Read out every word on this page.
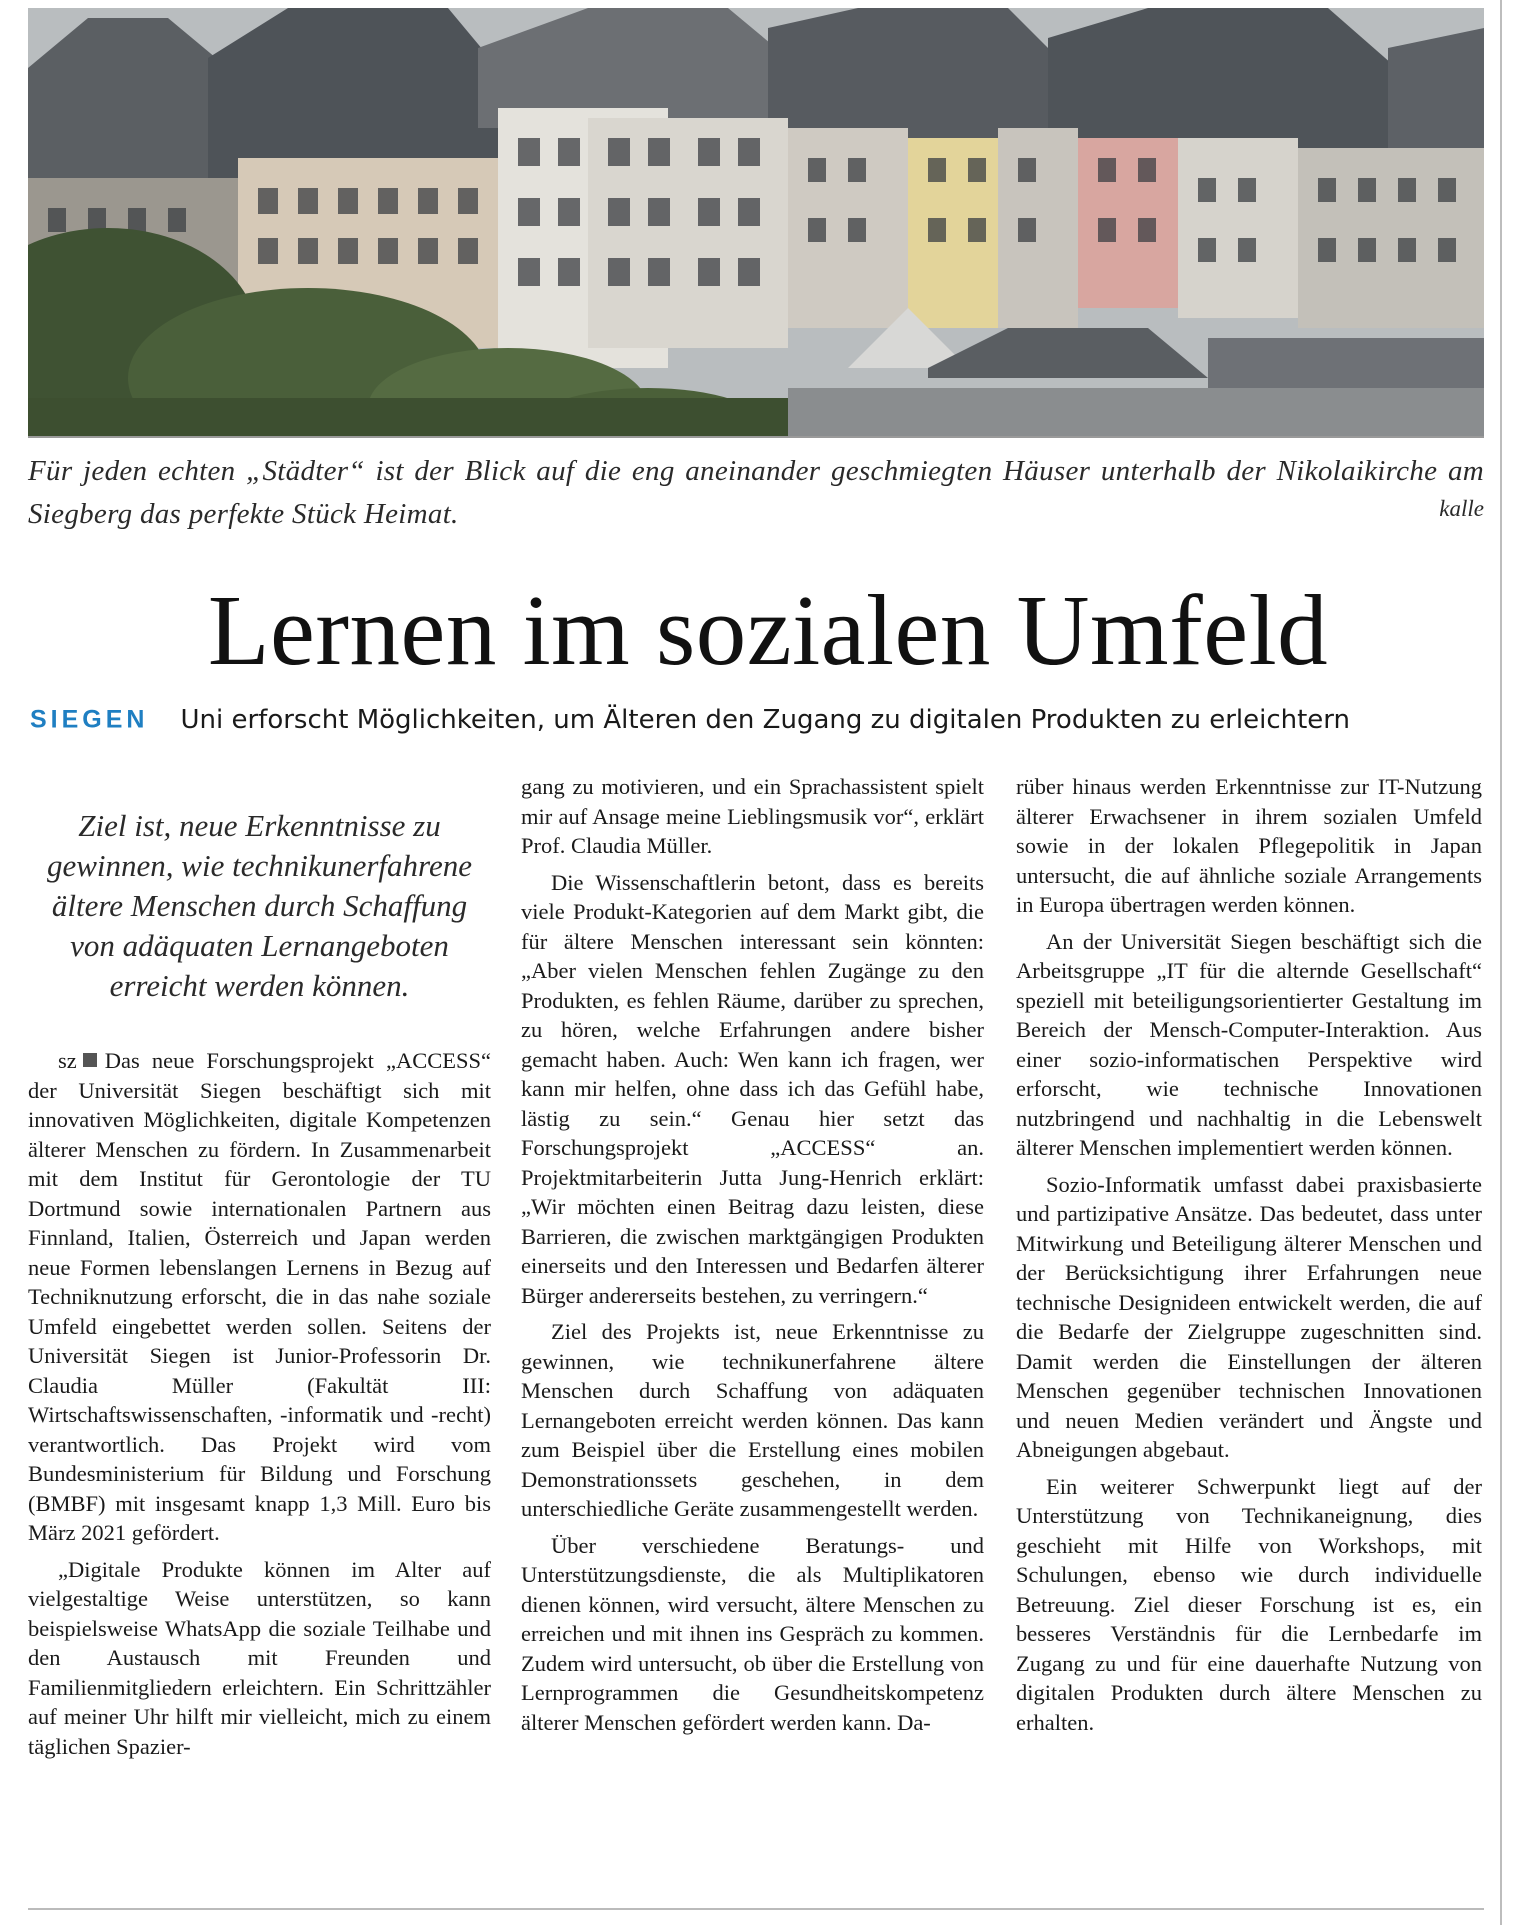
Für jeden echten „Städter“ ist der Blick auf die eng aneinander geschmiegten Häuser unterhalb der Nikolaikirche am Siegberg das perfekte Stück Heimat.	kalle
Lernen im sozialen Umfeld
SIEGEN Uni erforscht Möglichkeiten, um Älteren den Zugang zu digitalen Produkten zu erleichtern
Ziel ist, neue Erkenntnisse zu gewinnen, wie technikunerfahrene ältere Menschen durch Schaffung von adäquaten Lernangeboten erreicht werden können.

sz Das neue Forschungsprojekt „ACCESS“ der Universität Siegen beschäftigt sich mit innovativen Möglichkeiten, digitale Kompetenzen älterer Menschen zu fördern. In Zusammenarbeit mit dem Institut für Gerontologie der TU Dortmund sowie internationalen Partnern aus Finnland, Italien, Österreich und Japan werden neue Formen lebenslangen Lernens in Bezug auf Techniknutzung erforscht, die in das nahe soziale Umfeld eingebettet werden sollen. Seitens der Universität Siegen ist Junior-Professorin Dr. Claudia Müller (Fakultät III: Wirtschaftswissenschaften, -informatik und -recht) verantwortlich. Das Projekt wird vom Bundesministerium für Bildung und Forschung (BMBF) mit insgesamt knapp 1,3 Mill. Euro bis März 2021 gefördert.

„Digitale Produkte können im Alter auf vielgestaltige Weise unterstützen, so kann beispielsweise WhatsApp die soziale Teilhabe und den Austausch mit Freunden und Familienmitgliedern erleichtern. Ein Schrittzähler auf meiner Uhr hilft mir vielleicht, mich zu einem täglichen Spazier-

gang zu motivieren, und ein Sprachassistent spielt mir auf Ansage meine Lieblingsmusik vor“, erklärt Prof. Claudia Müller.

Die Wissenschaftlerin betont, dass es bereits viele Produkt-Kategorien auf dem Markt gibt, die für ältere Menschen interessant sein könnten: „Aber vielen Menschen fehlen Zugänge zu den Produkten, es fehlen Räume, darüber zu sprechen, zu hören, welche Erfahrungen andere bisher gemacht haben. Auch: Wen kann ich fragen, wer kann mir helfen, ohne dass ich das Gefühl habe, lästig zu sein.“ Genau hier setzt das Forschungsprojekt „ACCESS“ an. Projektmitarbeiterin Jutta Jung-Henrich erklärt: „Wir möchten einen Beitrag dazu leisten, diese Barrieren, die zwischen marktgängigen Produkten einerseits und den Interessen und Bedarfen älterer Bürger andererseits bestehen, zu verringern.“

Ziel des Projekts ist, neue Erkenntnisse zu gewinnen, wie technikunerfahrene ältere Menschen durch Schaffung von adäquaten Lernangeboten erreicht werden können. Das kann zum Beispiel über die Erstellung eines mobilen Demonstrationssets geschehen, in dem unterschiedliche Geräte zusammengestellt werden.

Über verschiedene Beratungs- und Unterstützungsdienste, die als Multiplikatoren dienen können, wird versucht, ältere Menschen zu erreichen und mit ihnen ins Gespräch zu kommen. Zudem wird untersucht, ob über die Erstellung von Lernprogrammen die Gesundheitskompetenz älterer Menschen gefördert werden kann. Da-

rüber hinaus werden Erkenntnisse zur IT-Nutzung älterer Erwachsener in ihrem sozialen Umfeld sowie in der lokalen Pflegepolitik in Japan untersucht, die auf ähnliche soziale Arrangements in Europa übertragen werden können.

An der Universität Siegen beschäftigt sich die Arbeitsgruppe „IT für die alternde Gesellschaft“ speziell mit beteiligungsorientierter Gestaltung im Bereich der Mensch-Computer-Interaktion. Aus einer sozio-informatischen Perspektive wird erforscht, wie technische Innovationen nutzbringend und nachhaltig in die Lebenswelt älterer Menschen implementiert werden können.

Sozio-Informatik umfasst dabei praxisbasierte und partizipative Ansätze. Das bedeutet, dass unter Mitwirkung und Beteiligung älterer Menschen und der Berücksichtigung ihrer Erfahrungen neue technische Designideen entwickelt werden, die auf die Bedarfe der Zielgruppe zugeschnitten sind. Damit werden die Einstellungen der älteren Menschen gegenüber technischen Innovationen und neuen Medien verändert und Ängste und Abneigungen abgebaut.

Ein weiterer Schwerpunkt liegt auf der Unterstützung von Technikaneignung, dies geschieht mit Hilfe von Workshops, mit Schulungen, ebenso wie durch individuelle Betreuung. Ziel dieser Forschung ist es, ein besseres Verständnis für die Lernbedarfe im Zugang zu und für eine dauerhafte Nutzung von digitalen Produkten durch ältere Menschen zu erhalten.
